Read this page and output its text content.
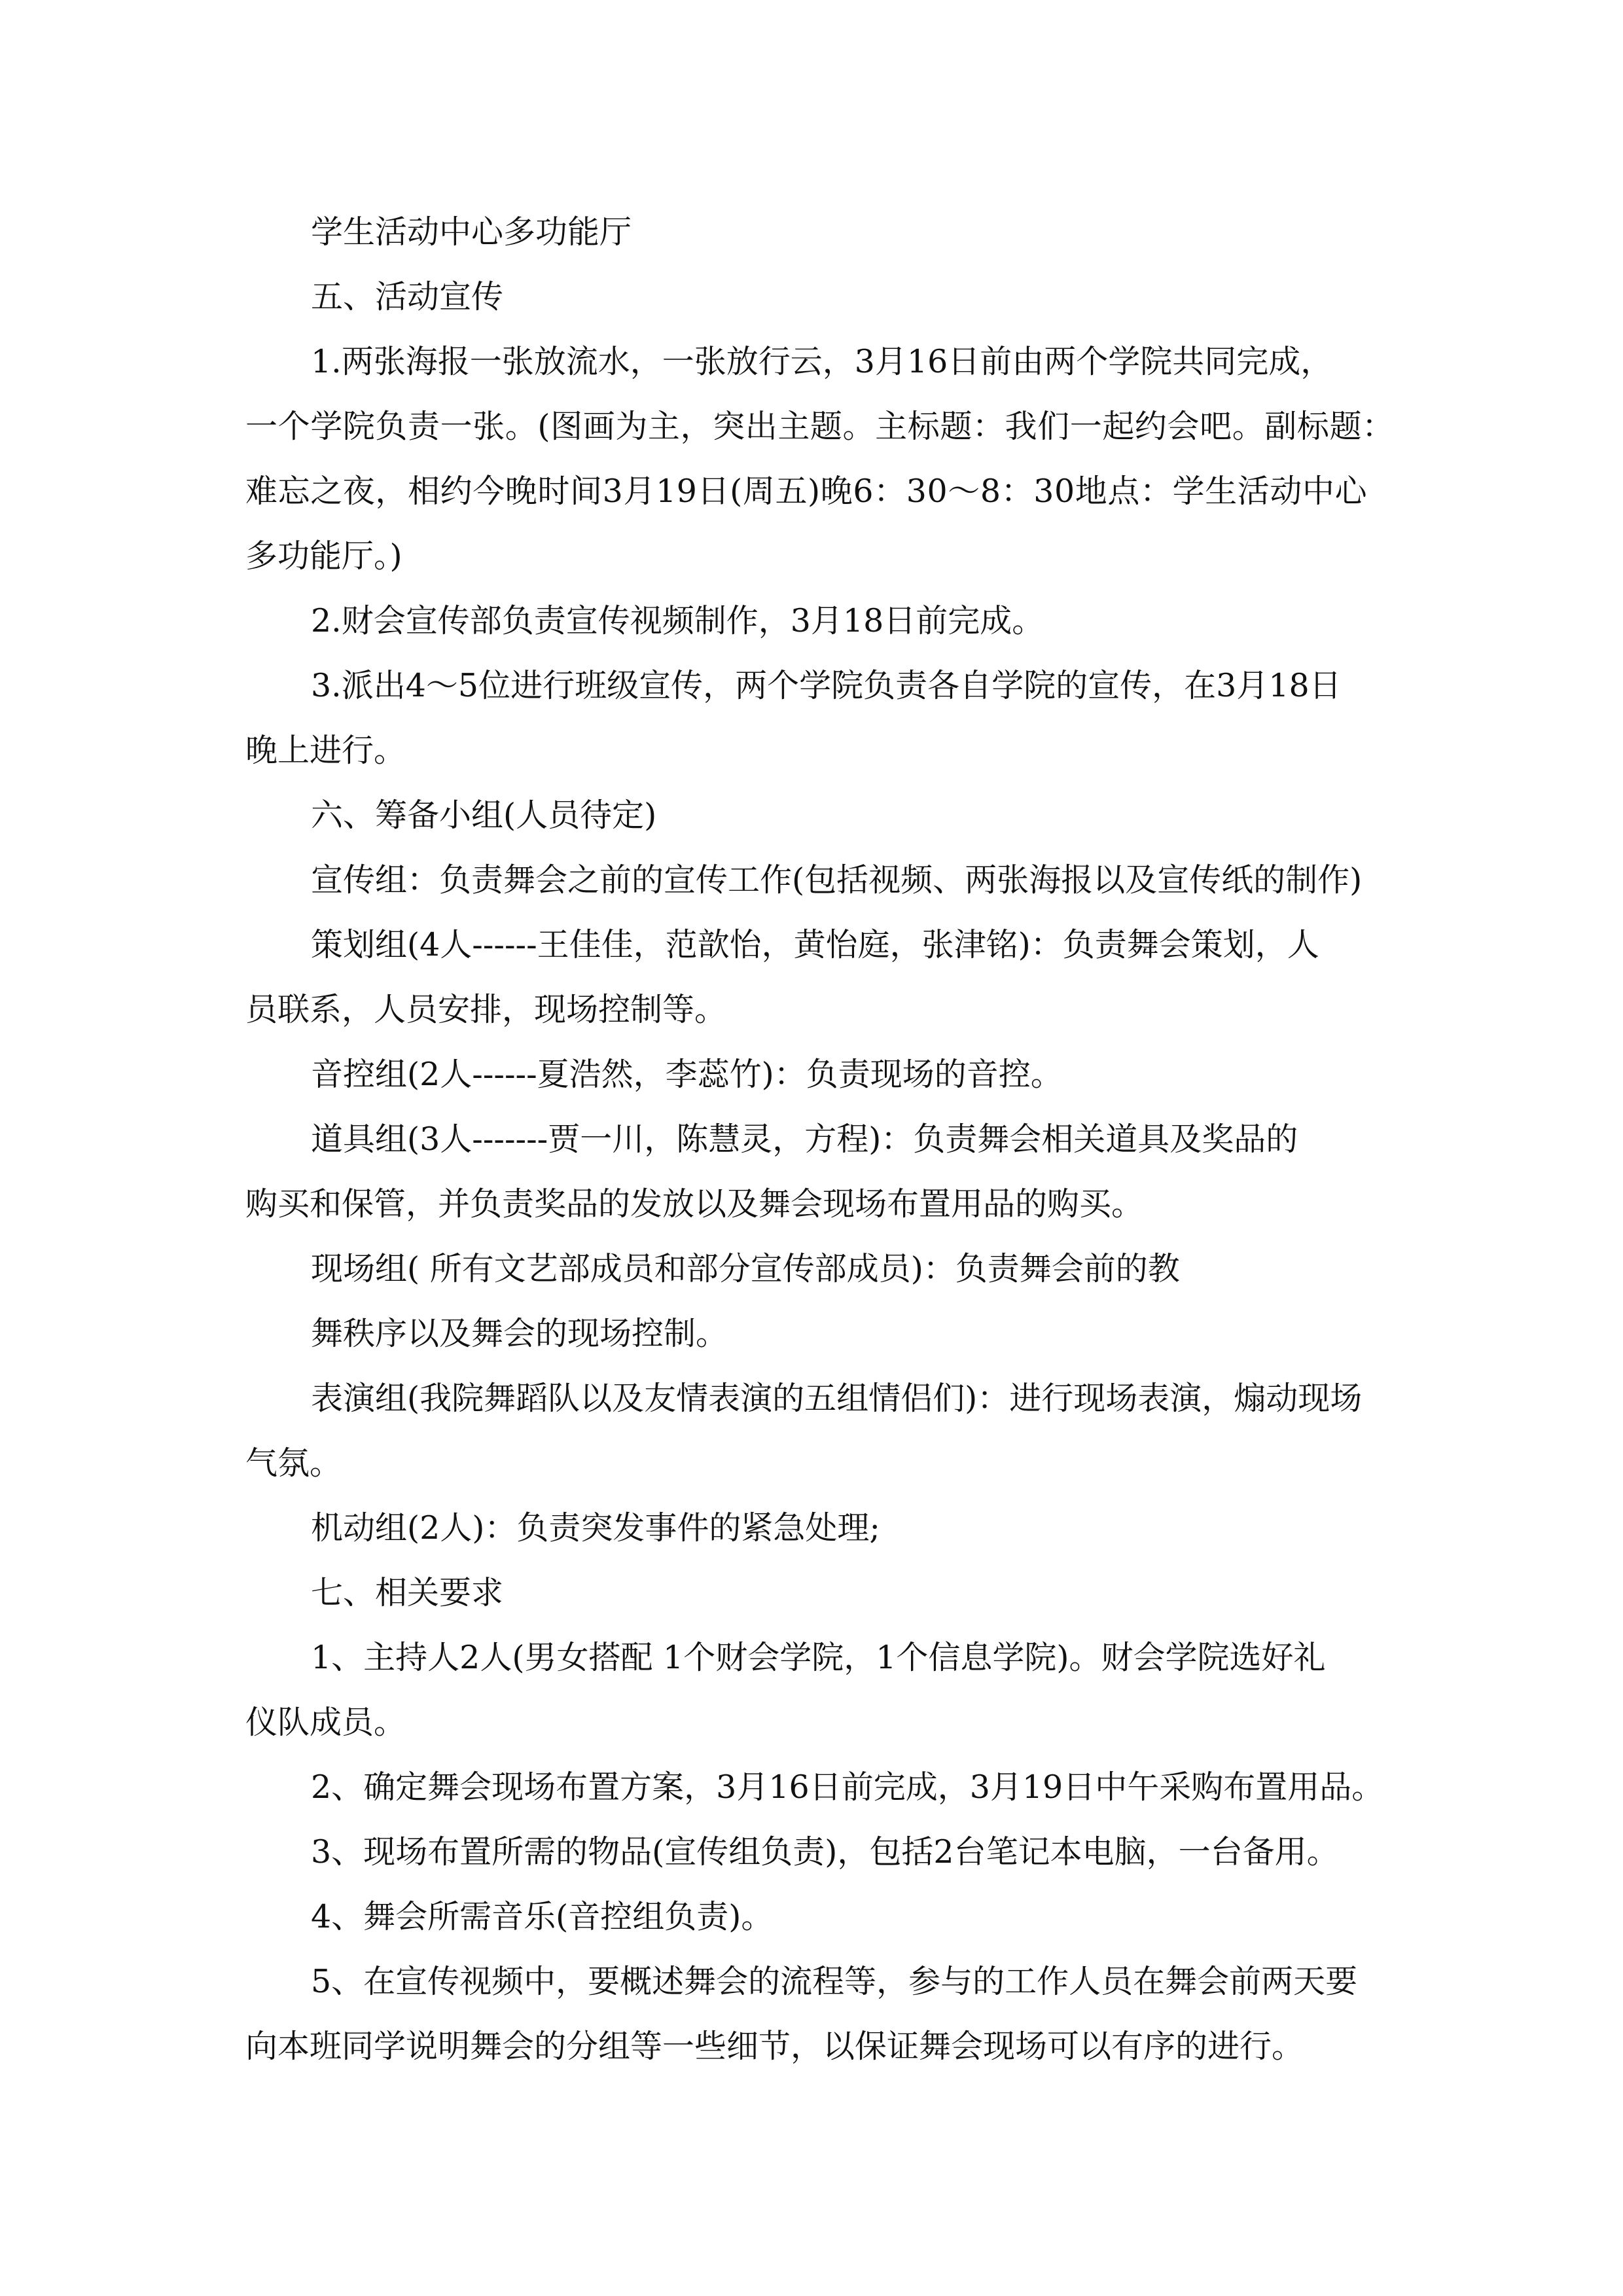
学生活动中心多功能厅
五、活动宣传
1.两张海报一张放流水，一张放行云，3月16日前由两个学院共同完成，
一个学院负责一张。(图画为主，突出主题。主标题：我们一起约会吧。副标题：
难忘之夜，相约今晚时间3月19日(周五)晚6：30～8：30地点：学生活动中心
多功能厅。)
2.财会宣传部负责宣传视频制作，3月18日前完成。
3.派出4～5位进行班级宣传，两个学院负责各自学院的宣传，在3月18日
晚上进行。
六、筹备小组(人员待定)
宣传组：负责舞会之前的宣传工作(包括视频、两张海报以及宣传纸的制作)
策划组(4人------王佳佳，范歆怡，黄怡庭，张津铭)：负责舞会策划，人
员联系，人员安排，现场控制等。
音控组(2人------夏浩然，李蕊竹)：负责现场的音控。
道具组(3人-------贾一川，陈慧灵，方程)：负责舞会相关道具及奖品的
购买和保管，并负责奖品的发放以及舞会现场布置用品的购买。
现场组( 所有文艺部成员和部分宣传部成员)：负责舞会前的教
舞秩序以及舞会的现场控制。
表演组(我院舞蹈队以及友情表演的五组情侣们)：进行现场表演，煽动现场
气氛。
机动组(2人)：负责突发事件的紧急处理;
七、相关要求
1、主持人2人(男女搭配 1个财会学院，1个信息学院)。财会学院选好礼
仪队成员。
2、确定舞会现场布置方案，3月16日前完成，3月19日中午采购布置用品。
3、现场布置所需的物品(宣传组负责)，包括2台笔记本电脑，一台备用。
4、舞会所需音乐(音控组负责)。
5、在宣传视频中，要概述舞会的流程等，参与的工作人员在舞会前两天要
向本班同学说明舞会的分组等一些细节，以保证舞会现场可以有序的进行。
